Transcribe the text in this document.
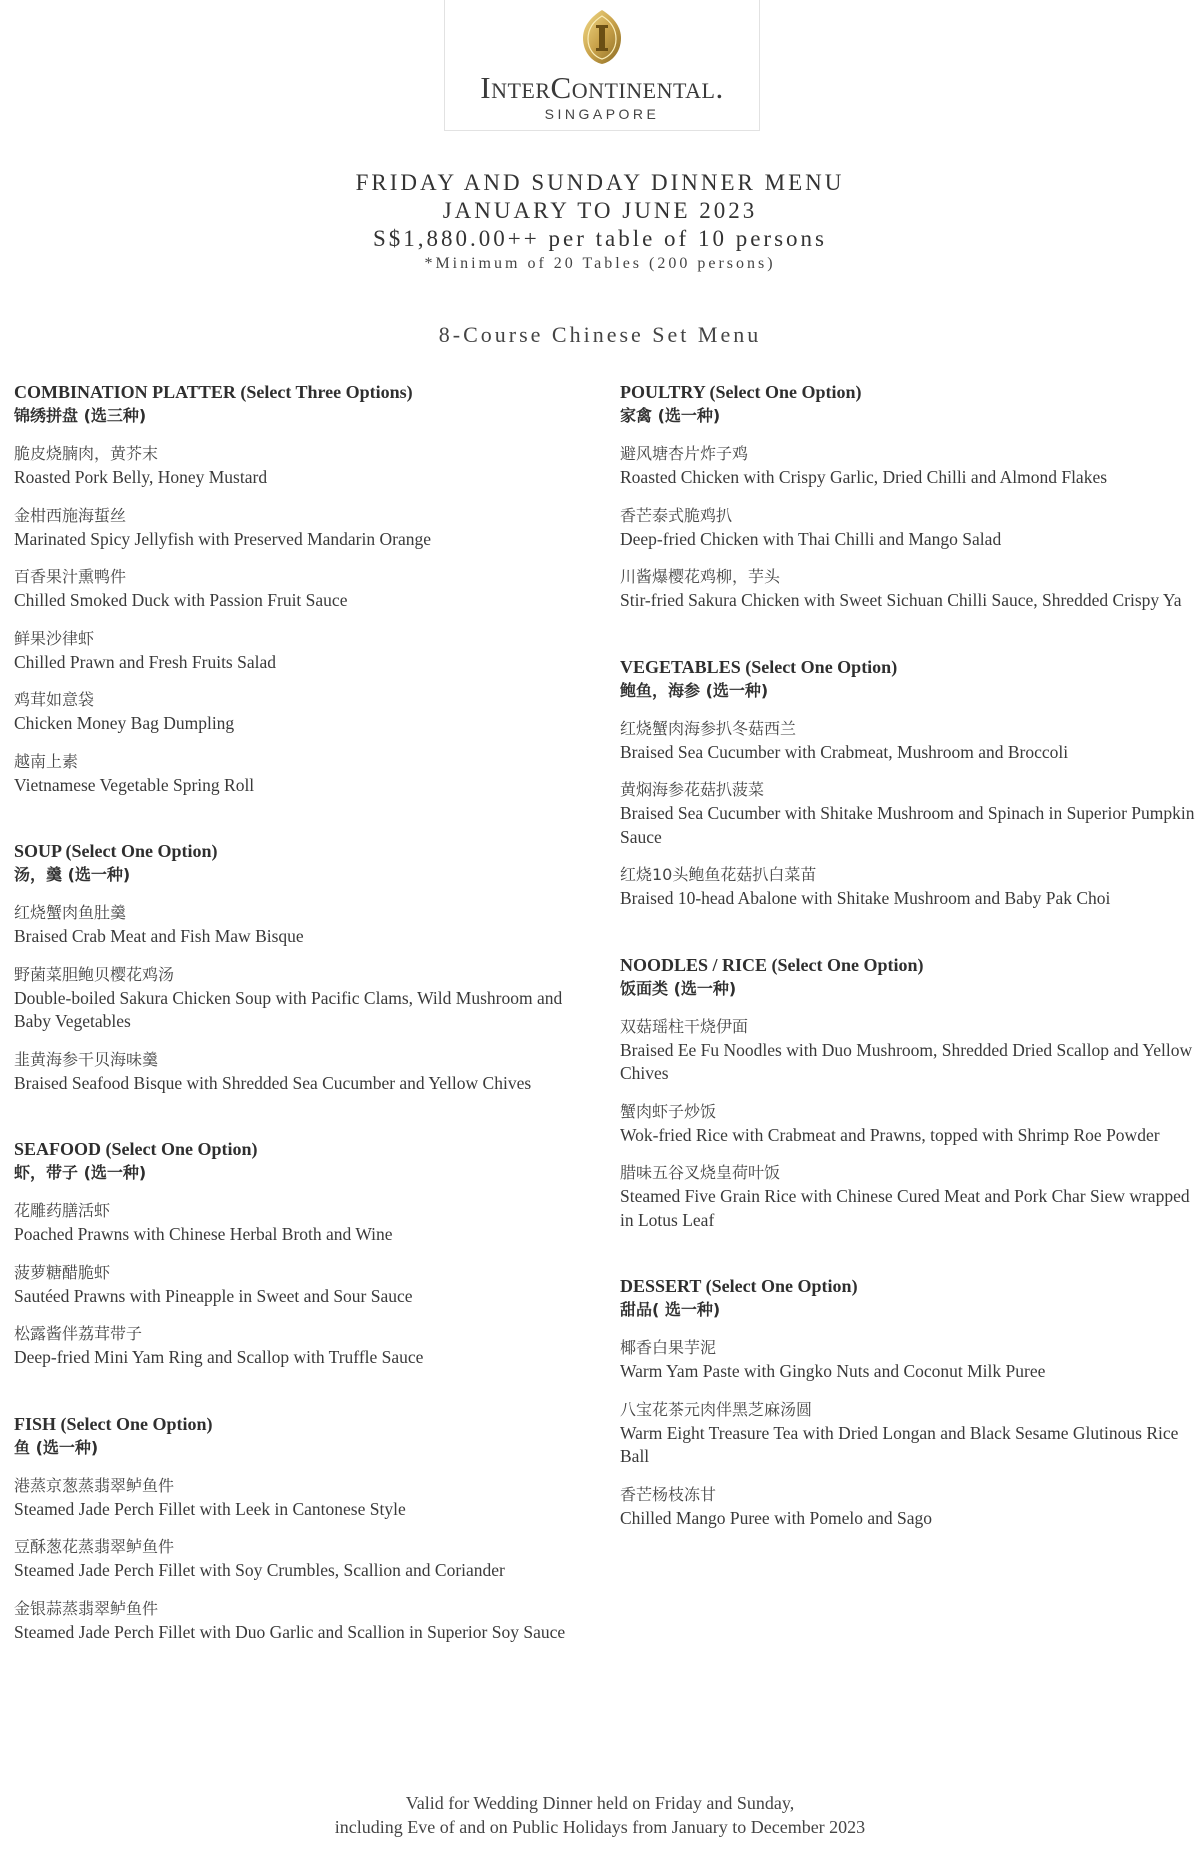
InterContinental.
SINGAPORE
FRIDAY AND SUNDAY DINNER MENU
JANUARY TO JUNE 2023
S$1,880.00++ per table of 10 persons
*Minimum of 20 Tables (200 persons)
8-Course Chinese Set Menu
COMBINATION PLATTER (Select Three Options)
锦绣拼盘 (选三种)
脆皮烧腩肉，黄芥末
Roasted Pork Belly, Honey Mustard
金柑西施海蜇丝
Marinated Spicy Jellyfish with Preserved Mandarin Orange
百香果汁熏鸭件
Chilled Smoked Duck with Passion Fruit Sauce
鲜果沙律虾
Chilled Prawn and Fresh Fruits Salad
鸡茸如意袋
Chicken Money Bag Dumpling
越南上素
Vietnamese Vegetable Spring Roll
SOUP (Select One Option)
汤，羹 (选一种)
红烧蟹肉鱼肚羹
Braised Crab Meat and Fish Maw Bisque
野菌菜胆鲍贝樱花鸡汤
Double-boiled Sakura Chicken Soup with Pacific Clams, Wild Mushroom and Baby Vegetables
韭黄海参干贝海味羹
Braised Seafood Bisque with Shredded Sea Cucumber and Yellow Chives
SEAFOOD (Select One Option)
虾，带子 (选一种)
花雕药膳活虾
Poached Prawns with Chinese Herbal Broth and Wine
菠萝糖醋脆虾
Sautéed Prawns with Pineapple in Sweet and Sour Sauce
松露酱伴荔茸带子
Deep-fried Mini Yam Ring and Scallop with Truffle Sauce
FISH (Select One Option)
鱼 (选一种)
港蒸京葱蒸翡翠鲈鱼件
Steamed Jade Perch Fillet with Leek in Cantonese Style
豆酥葱花蒸翡翠鲈鱼件
Steamed Jade Perch Fillet with Soy Crumbles, Scallion and Coriander
金银蒜蒸翡翠鲈鱼件
Steamed Jade Perch Fillet with Duo Garlic and Scallion in Superior Soy Sauce
POULTRY (Select One Option)
家禽 (选一种)
避风塘杏片炸子鸡
Roasted Chicken with Crispy Garlic, Dried Chilli and Almond Flakes
香芒泰式脆鸡扒
Deep-fried Chicken with Thai Chilli and Mango Salad
川酱爆樱花鸡柳，芋头
Stir-fried Sakura Chicken with Sweet Sichuan Chilli Sauce, Shredded Crispy Ya
VEGETABLES (Select One Option)
鲍鱼，海参 (选一种)
红烧蟹肉海参扒冬菇西兰
Braised Sea Cucumber with Crabmeat, Mushroom and Broccoli
黄焖海参花菇扒菠菜
Braised Sea Cucumber with Shitake Mushroom and Spinach in Superior Pumpkin Sauce
红烧10头鲍鱼花菇扒白菜苗
Braised 10-head Abalone with Shitake Mushroom and Baby Pak Choi
NOODLES / RICE (Select One Option)
饭面类 (选一种)
双菇瑶柱干烧伊面
Braised Ee Fu Noodles with Duo Mushroom, Shredded Dried Scallop and Yellow Chives
蟹肉虾子炒饭
Wok-fried Rice with Crabmeat and Prawns, topped with Shrimp Roe Powder
腊味五谷叉烧皇荷叶饭
Steamed Five Grain Rice with Chinese Cured Meat and Pork Char Siew wrapped in Lotus Leaf
DESSERT (Select One Option)
甜品( 选一种)
椰香白果芋泥
Warm Yam Paste with Gingko Nuts and Coconut Milk Puree
八宝花茶元肉伴黑芝麻汤圆
Warm Eight Treasure Tea with Dried Longan and Black Sesame Glutinous Rice Ball
香芒杨枝冻甘
Chilled Mango Puree with Pomelo and Sago
Valid for Wedding Dinner held on Friday and Sunday,
including Eve of and on Public Holidays from January to December 2023
